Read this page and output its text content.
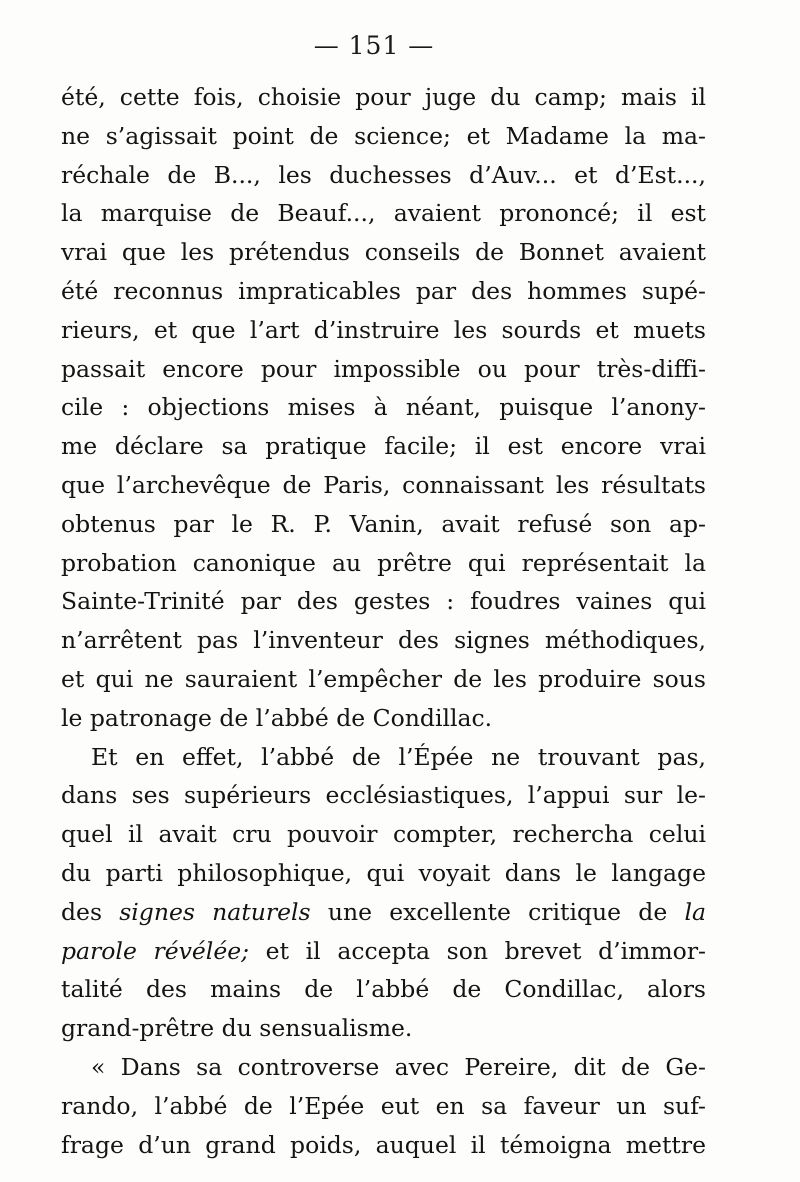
— 151 —
été, cette fois, choisie pour juge du camp; mais il
ne s’agissait point de science; et Madame la ma-
réchale de B..., les duchesses d’Auv... et d’Est...,
la marquise de Beauf..., avaient prononcé; il est
vrai que les prétendus conseils de Bonnet avaient
été reconnus impraticables par des hommes supé-
rieurs, et que l’art d’instruire les sourds et muets
passait encore pour impossible ou pour très-diffi-
cile : objections mises à néant, puisque l’anony-
me déclare sa pratique facile; il est encore vrai
que l’archevêque de Paris, connaissant les résultats
obtenus par le R. P. Vanin, avait refusé son ap-
probation canonique au prêtre qui représentait la
Sainte-Trinité par des gestes : foudres vaines qui
n’arrêtent pas l’inventeur des signes méthodiques,
et qui ne sauraient l’empêcher de les produire sous
le patronage de l’abbé de Condillac.
Et en effet, l’abbé de l’Épée ne trouvant pas,
dans ses supérieurs ecclésiastiques, l’appui sur le-
quel il avait cru pouvoir compter, rechercha celui
du parti philosophique, qui voyait dans le langage
des signes naturels une excellente critique de la
parole révélée; et il accepta son brevet d’immor-
talité des mains de l’abbé de Condillac, alors
grand-prêtre du sensualisme.
« Dans sa controverse avec Pereire, dit de Ge-
rando, l’abbé de l’Epée eut en sa faveur un suf-
frage d’un grand poids, auquel il témoigna mettre
